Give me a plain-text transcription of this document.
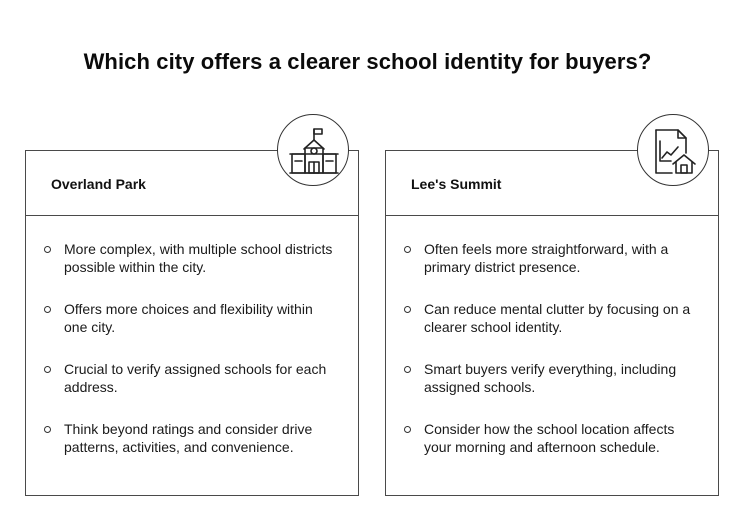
Which city offers a clearer school identity for buyers?
Overland Park
More complex, with multiple school districts possible within the city.
Offers more choices and flexibility within one city.
Crucial to verify assigned schools for each address.
Think beyond ratings and consider drive patterns, activities, and convenience.
Lee's Summit
Often feels more straightforward, with a primary district presence.
Can reduce mental clutter by focusing on a clearer school identity.
Smart buyers verify everything, including assigned schools.
Consider how the school location affects your morning and afternoon schedule.
